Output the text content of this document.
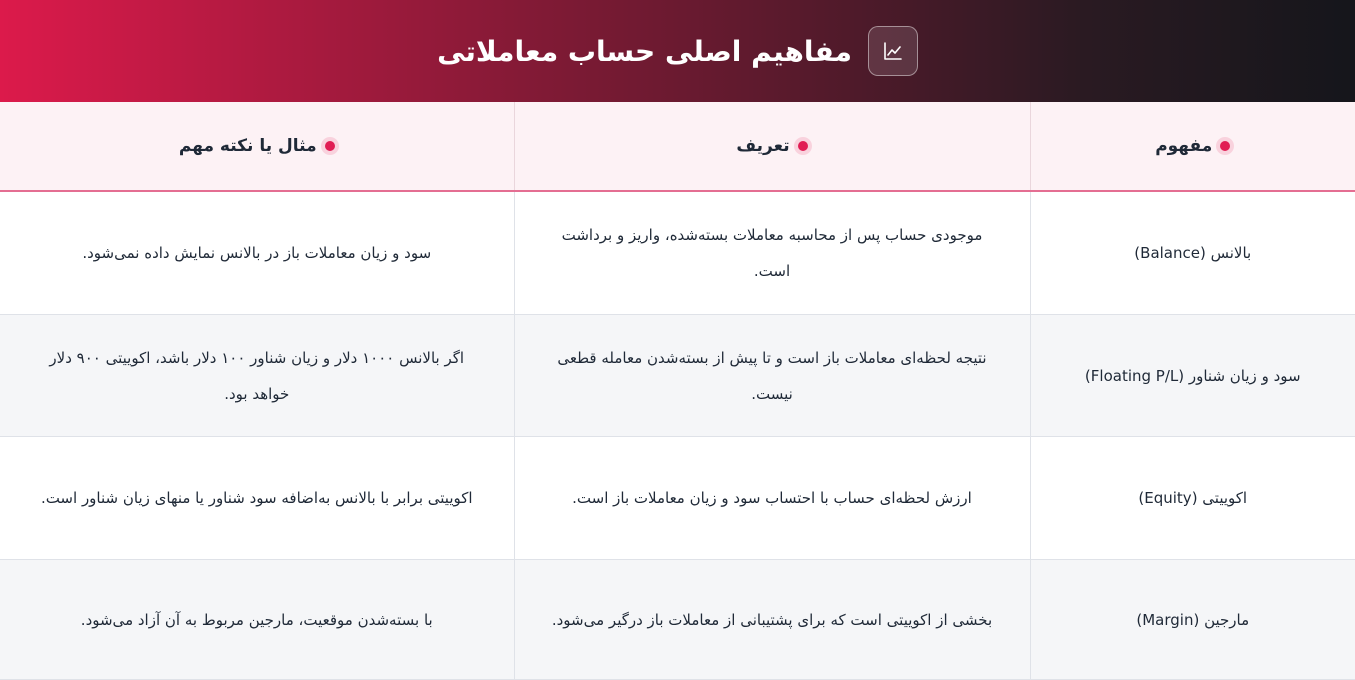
مفاهیم اصلی حساب معاملاتی
مفهوم	تعریف	مثال یا نکته مهم

بالانس (Balance)	موجودی حساب پس از محاسبه معاملات بسته‌شده، واریز و برداشت است.	سود و زیان معاملات باز در بالانس نمایش داده نمی‌شود.
سود و زیان شناور (Floating P/L)	نتیجه لحظه‌ای معاملات باز است و تا پیش از بسته‌شدن معامله قطعی نیست.	اگر بالانس ۱۰۰۰ دلار و زیان شناور ۱۰۰ دلار باشد، اکوییتی ۹۰۰ دلار خواهد بود.
اکوییتی (Equity)	ارزش لحظه‌ای حساب با احتساب سود و زیان معاملات باز است.	اکوییتی برابر با بالانس به‌اضافه سود شناور یا منهای زیان شناور است.
مارجین (Margin)	بخشی از اکوییتی است که برای پشتیبانی از معاملات باز درگیر می‌شود.	با بسته‌شدن موقعیت، مارجین مربوط به آن آزاد می‌شود.
